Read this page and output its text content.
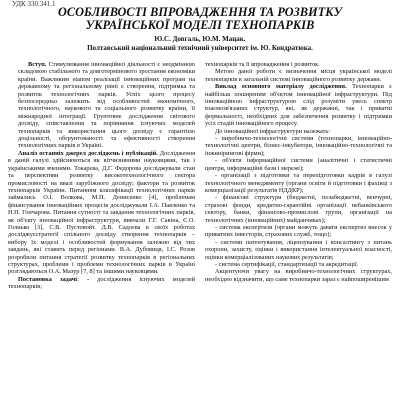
УДК 330.341.1
ОСОБЛИВОСТІ ВПРОВАДЖЕННЯ ТА РОЗВИТКУ
УКРАЇНСЬКОЇ МОДЕЛІ ТЕХНОПАРКІВ
Ю.С. Довгаль, Ю.М. Мацак.
Полтавський національний технічний університет ім. Ю. Кондратюка.

Вступ. Стимулювання інноваційної діяльності є неодмінною складовою стабільного та довготермінового зростання економіки країни. Важливим etапом реалізації інноваційних програм на державному та регіональному рівні є створення, підтримка та розвиток технологічних парків. Успіх цього процесу безпосередньо залежить від особливостей економічного, технологічного, наукового та соціального розвитку країни, її міжнародної інтеграції. Грунтовне дослідження світового досвіду, співставлення та порівняння існуючих моделей технопарків та використання цього досвіду є гарантією доцільності, обгрунтованості та ефективності створення технологічних парків в Україні.

Аналіз останніх джерел досліджень і публікацій. Дослідження в даній галузі здійснюються як вітчизняними науковцями, так і українськими вченими. Токарєва, Д.Г. Федорова досліджували стан та перспективи розвитку високотехнологічного сектора промисловості на ввазі зарубіжного досвіду; фактори та розвиток технопарків України. Питанням класифікації технологічних парків займались О.І. Волкова, М.П. Денисенко [4], проблемам фінансування інноваційних процесів досліджували І.А. Павленко та Н.П. Гончарова. Питання сутності та завдання технологічних парків, як об'єкту інноваційної інфраструктури, вивчали Г.Г. Савіна, Є.О. Голнько [3], С.В. Пустовойт. Д.В. Садоєва в своїх роботах досліджуєстратегії спільного досвіду створення технопарків – вибору їх моделі і особливостей формування залежно від тих завдань, які ставить перед регіонами. В.А. Дубовиця, І.С. Розов розробили питання стратегії розвитку технопарків в регіональних структурах, проблеми і проблеми технологічних парків в Україні розглядаються О.А. Мазур [7, 8] та іншими науковцями.

Постановка задачі: - дослідження існуючих моделей технопарків;

технопарків та її впровадження і розвиток.

Метою даної роботи є визначення місця української моделі технопарків в загальній системі інноваційного розвитку держави.

Виклад основного матеріалу дослідження. Технопарки є найбільш поширеним об'єктом інноваційної інфраструктури. Під інноваційною інфраструктурою слід розуміти увесь спектр взаємозв'язаних структур, які, як державні, так і приватні формальності, необхідних для забезпечення розвитку і підтримки усіх стадій інноваційного процесу.

До інноваційної інфраструктури належать:

- виробничо-технологічні системи (технопарки, інноваційно-технологічні центри, бізнес-інкубатори, інноваційно-технологічні та інжинірингові фірми);

- об'єкти інформаційної системи (аналітичні і статистичні центри, інформаційні бази і мережі);

- організації з підготовки та перепідготовки кадрів в галузі технологічного менеджменту (органи освіти й підготовки і фахівці з комерціалізації результатів НДДКР);

- фінансові структури (бюджетні, позабюджетні, венчурні, страхові фонди, кредитно-гарантійні організації небанківського сектору, банки, фінансово-промислові групи, організації на технологічних (інноваційних) майданчиках);

- система експертизи (органи можуть давати експертиз внесок у приватних інвесторів, страхових служб, тощо);

- системи патентування, ліцензування і консалтингу з питань охорони, захисту, оцінки і використання інтелектуальної власності, оцінки комерціалізованих наукових результатів;

- система сертифікації, стандартизації та акредитації.

Акцентуючи увагу на виробничо-технологічних структурах, необхідно відзначити, що саме технопарки зараз є найпоширенішим
